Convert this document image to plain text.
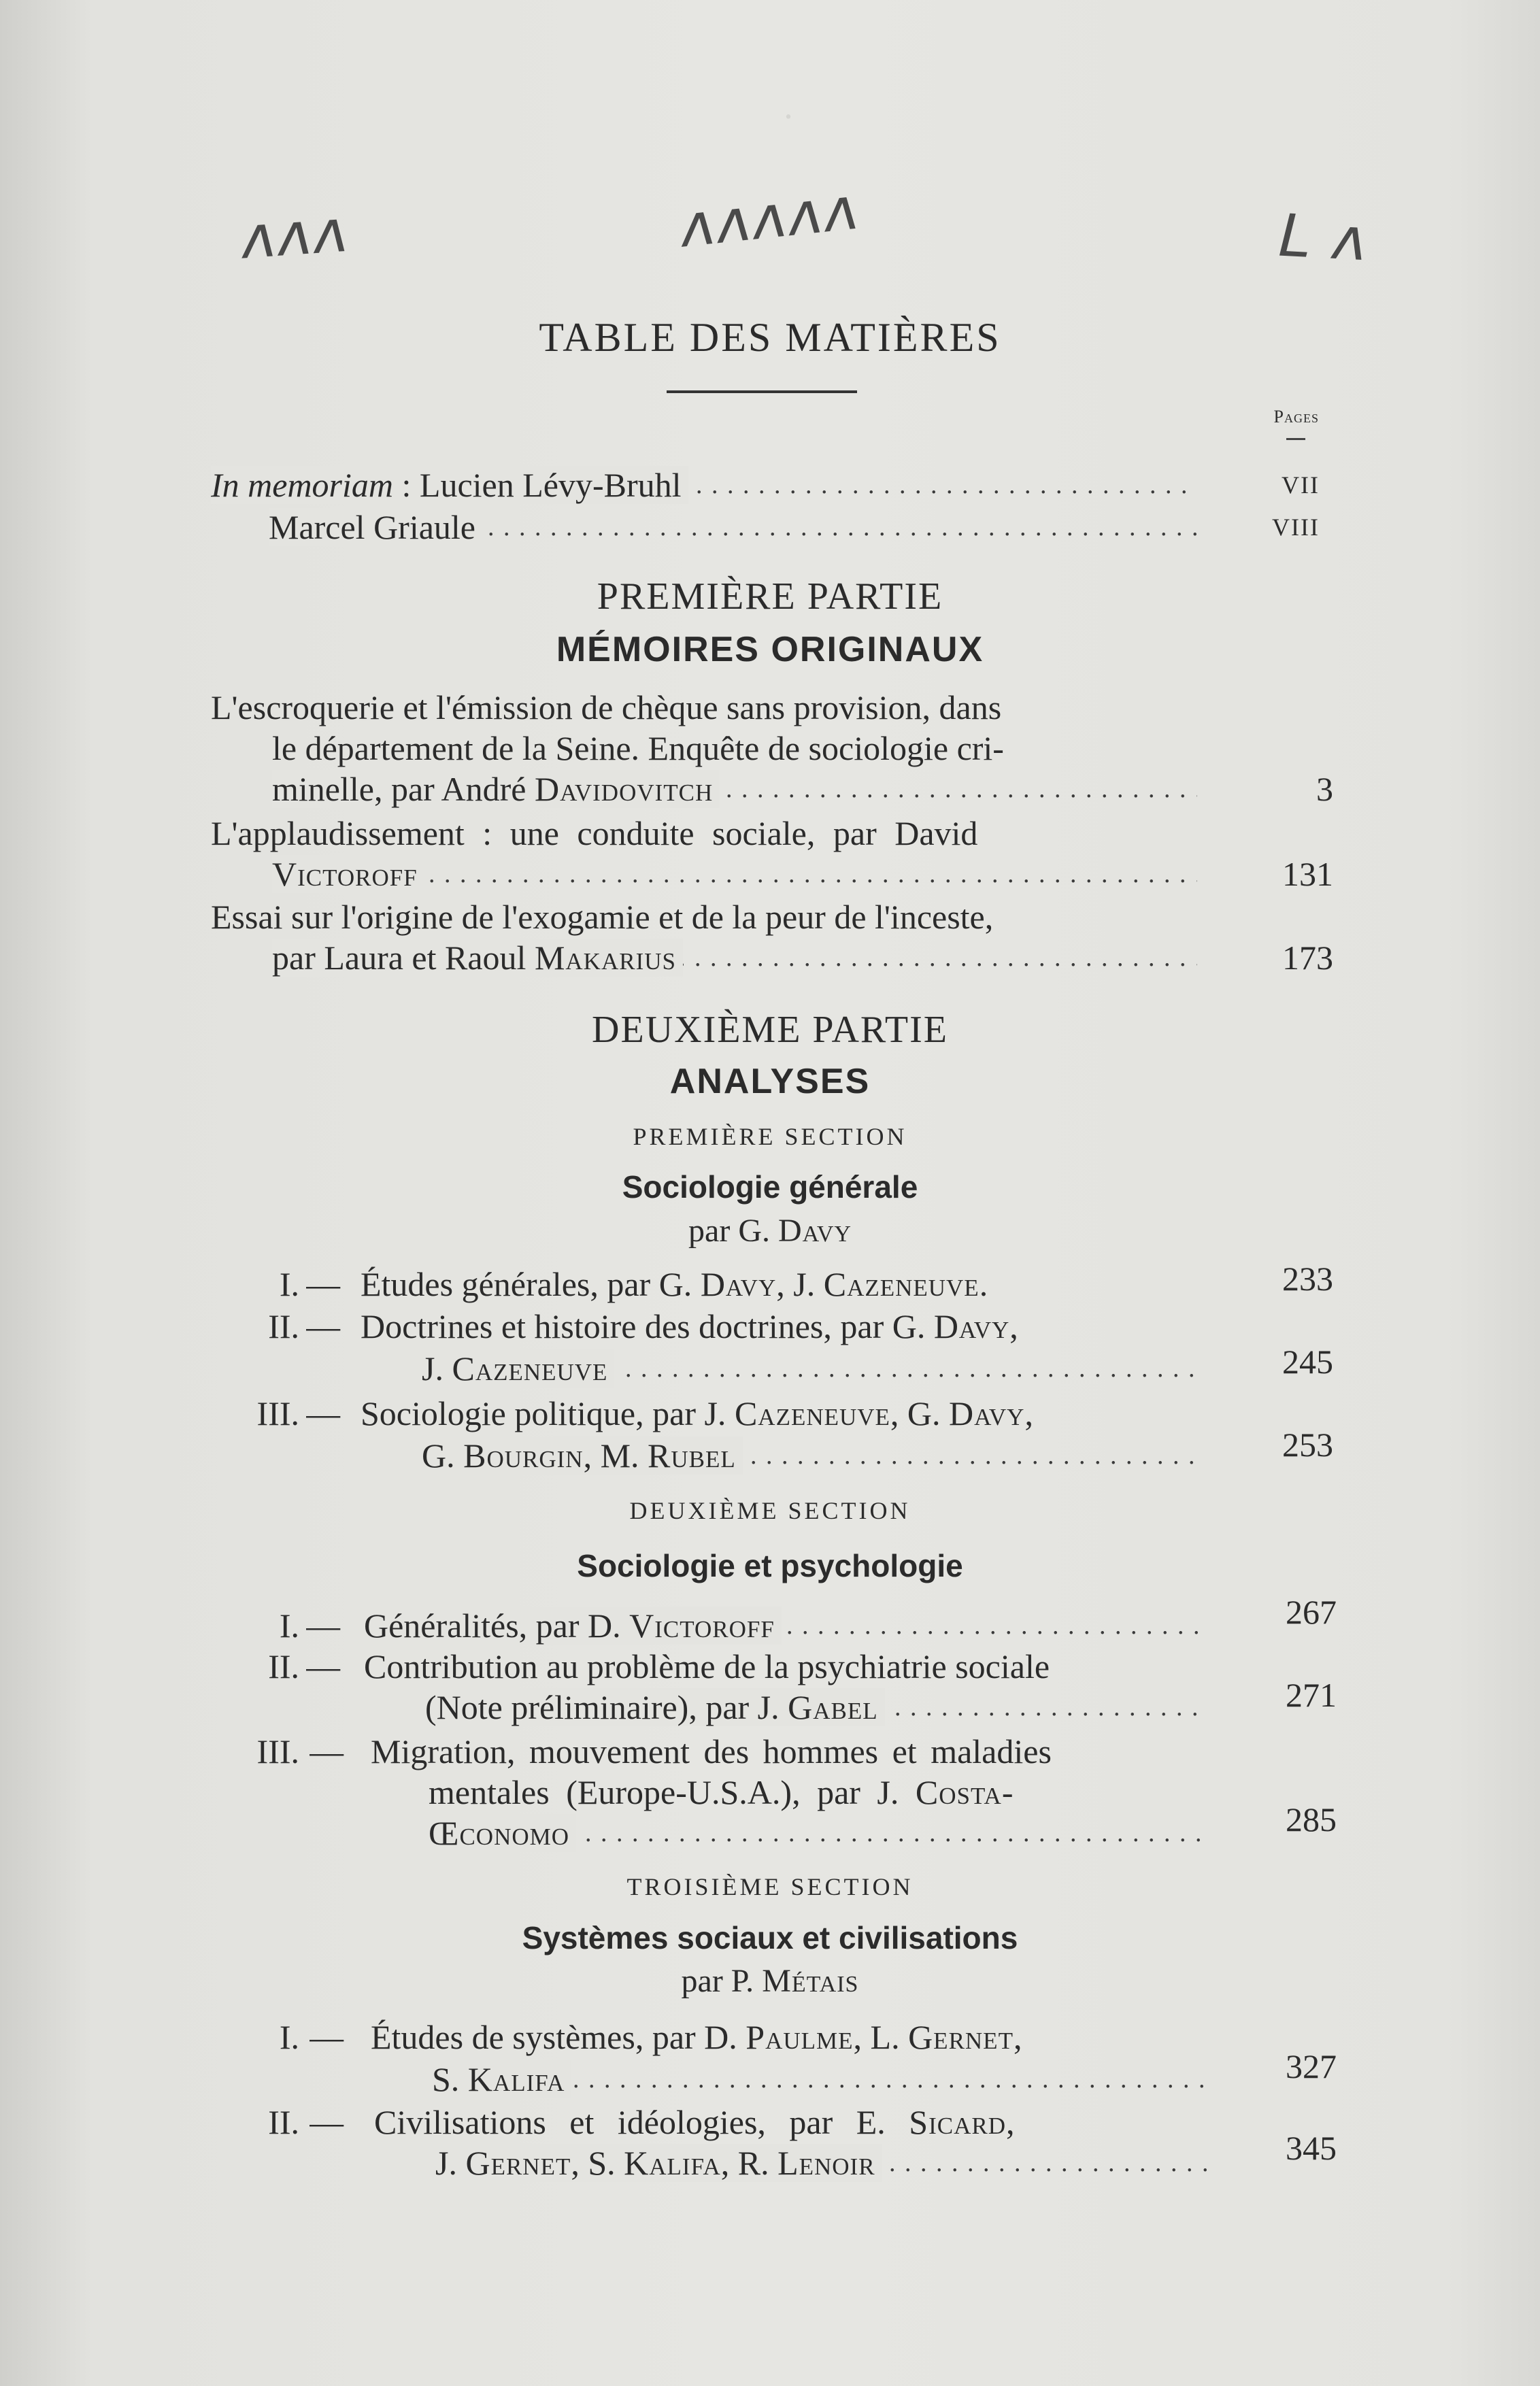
·
ʌʌʌ	ʌʌʌʌʌ	L ʌ
TABLE DES MATIÈRES
Pages
In memoriam : Lucien Lévy-Bruhl . . .	VII
Marcel Griaule . . .	VIII
PREMIÈRE PARTIE
MÉMOIRES ORIGINAUX
L'escroquerie et l'émission de chèque sans provision, dans
le département de la Seine. Enquête de sociologie cri-
minelle, par André Davidovitch . . .	3
L'applaudissement : une conduite sociale, par David
Victoroff . . .	131
Essai sur l'origine de l'exogamie et de la peur de l'inceste,
par Laura et Raoul Makarius . . .	173
DEUXIÈME PARTIE
ANALYSES
PREMIÈRE SECTION
Sociologie générale
par G. Davy
I. — Études générales, par G. Davy, J. Cazeneuve.	233
II. — Doctrines et histoire des doctrines, par G. Davy,
J. Cazeneuve . . .	245
III. — Sociologie politique, par J. Cazeneuve, G. Davy,
G. Bourgin, M. Rubel . . .	253
DEUXIÈME SECTION
Sociologie et psychologie
I. — Généralités, par D. Victoroff . . .	267
II. — Contribution au problème de la psychiatrie sociale
(Note préliminaire), par J. Gabel . . .	271
III. — Migration, mouvement des hommes et maladies
mentales (Europe-U.S.A.), par J. Costa-
Œconomo . . .	285
TROISIÈME SECTION
Systèmes sociaux et civilisations
par P. Métais
I. — Études de systèmes, par D. Paulme, L. Gernet,
S. Kalifa . . .	327
II. — Civilisations et idéologies, par E. Sicard,
J. Gernet, S. Kalifa, R. Lenoir . . .	345
